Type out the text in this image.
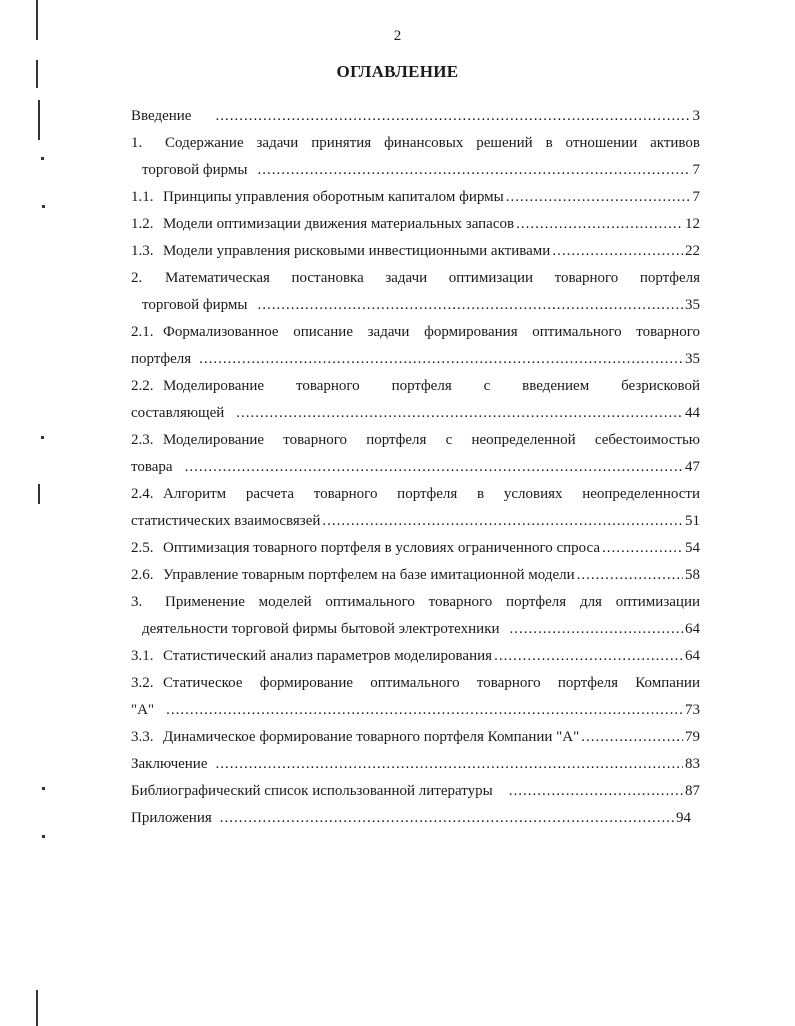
2
ОГЛАВЛЕНИЕ
Введение .....	3
1. Содержание задачи принятия финансовых решений в отношении активов
торговой фирмы .....	7
1.1. Принципы управления оборотным капиталом фирмы .....	7
1.2. Модели оптимизации движения материальных запасов .....	12
1.3. Модели управления рисковыми инвестиционными активами .....	22
2. Математическая постановка задачи оптимизации товарного портфеля
торговой фирмы .....	35
2.1. Формализованное описание задачи формирования оптимального товарного
портфеля .....	35
2.2. Моделирование товарного портфеля с введением безрисковой
составляющей .....	44
2.3. Моделирование товарного портфеля с неопределенной себестоимостью
товара .....	47
2.4. Алгоритм расчета товарного портфеля в условиях неопределенности
статистических взаимосвязей .....	51
2.5. Оптимизация товарного портфеля в условиях ограниченного спроса .....	54
2.6. Управление товарным портфелем на базе имитационной модели .....	58
3. Применение моделей оптимального товарного портфеля для оптимизации
деятельности торговой фирмы бытовой электротехники .....	64
3.1. Статистический анализ параметров моделирования .....	64
3.2. Статическое формирование оптимального товарного портфеля Компании
"А" .....	73
3.3. Динамическое формирование товарного портфеля Компании "А" .....	79
Заключение .....	83
Библиографический список использованной литературы .....	87
Приложения .....	94
